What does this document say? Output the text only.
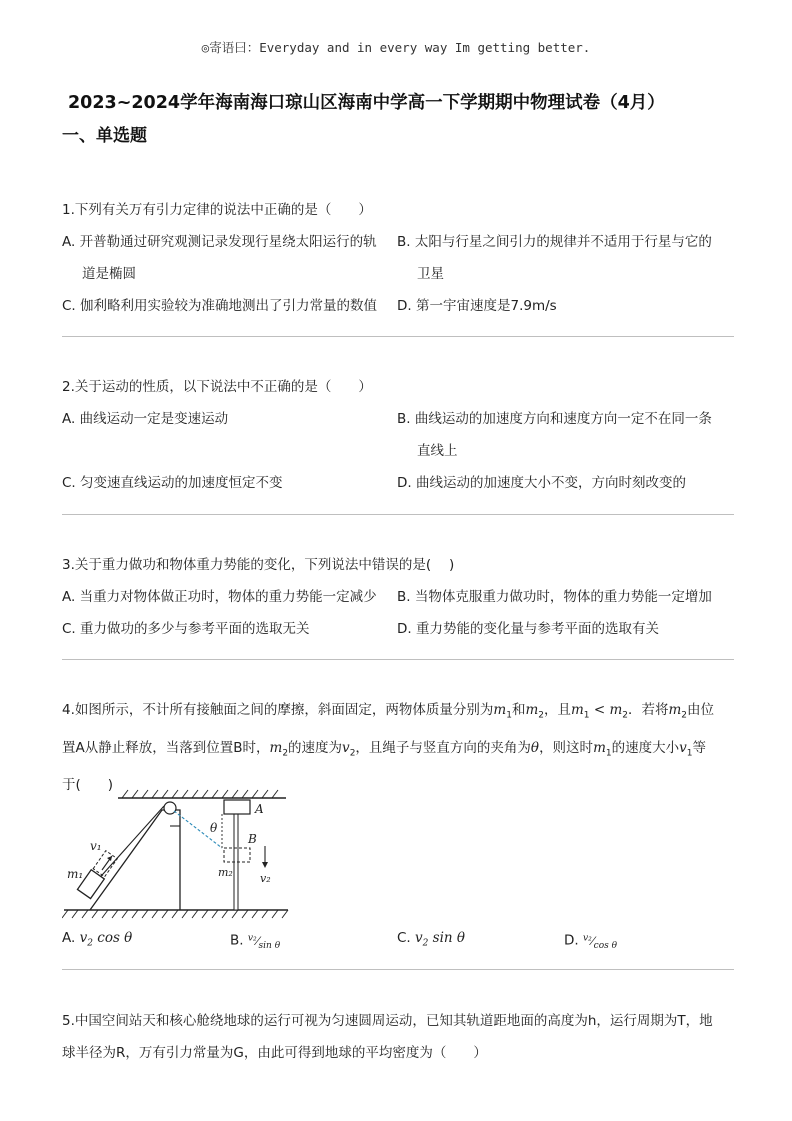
◎寄语曰：Everyday and in every way Im getting better.
2023~2024学年海南海口琼山区海南中学高一下学期期中物理试卷（4月）
一、单选题
1.下列有关万有引力定律的说法中正确的是（　　）
A. 开普勒通过研究观测记录发现行星绕太阳运行的轨
道是椭圆
B. 太阳与行星之间引力的规律并不适用于行星与它的
卫星
C. 伽利略利用实验较为准确地测出了引力常量的数值	D. 第一宇宙速度是7.9m/s
2.关于运动的性质，以下说法中不正确的是（　　）
A. 曲线运动一定是变速运动	B. 曲线运动的加速度方向和速度方向一定不在同一条
直线上
C. 匀变速直线运动的加速度恒定不变	D. 曲线运动的加速度大小不变，方向时刻改变的
3.关于重力做功和物体重力势能的变化，下列说法中错误的是(　 )
A. 当重力对物体做正功时，物体的重力势能一定减少	B. 当物体克服重力做功时，物体的重力势能一定增加
C. 重力做功的多少与参考平面的选取无关	D. 重力势能的变化量与参考平面的选取有关
4.如图所示，不计所有接触面之间的摩擦，斜面固定，两物体质量分别为$m_1$和$m_2$，且$m_1 < m_2$．若将$m_2$由位
置A从静止释放，当落到位置B时，$m_2$的速度为$v_2$，且绳子与竖直方向的夹角为θ，则这时$m_1$的速度大小$v_1$等
于(　　)
v₁
m₁
A
θ
B
m₂ v₂
A. $v_2$ cos θ	B. $^{v_2}⁄_{sin \theta}$	C. $v_2$ sin θ	D. $^{v_2}⁄_{cos \theta}$
5.中国空间站天和核心舱绕地球的运行可视为匀速圆周运动，已知其轨道距地面的高度为h，运行周期为T，地
球半径为R，万有引力常量为G，由此可得到地球的平均密度为（　　）
